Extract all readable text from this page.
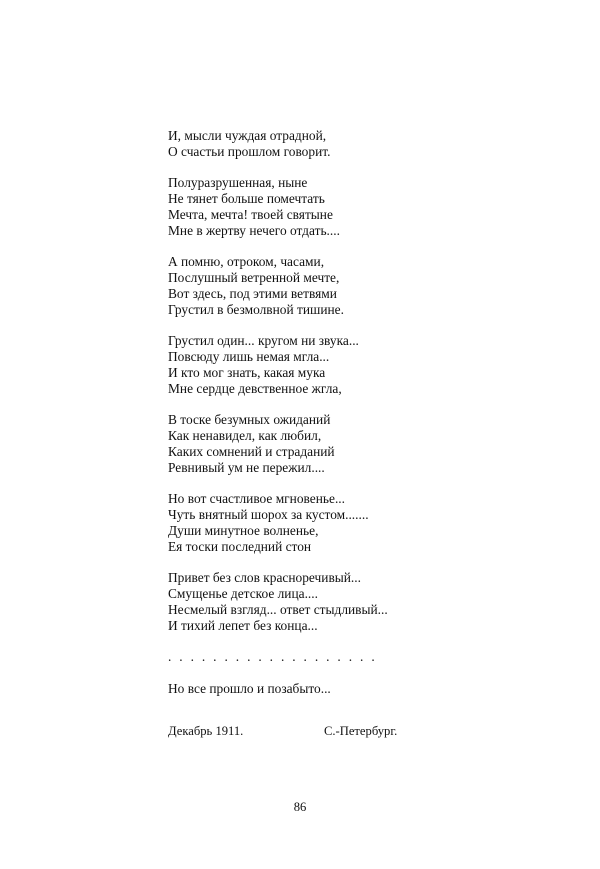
И, мысли чуждая отрадной,
О счастьи прошлом говорит.
Полуразрушенная, ныне
Не тянет больше помечтать
Мечта, мечта! твоей святыне
Мне в жертву нечего отдать....
А помню, отроком, часами,
Послушный ветренной мечте,
Вот здесь, под этими ветвями
Грустил в безмолвной тишине.
Грустил один... кругом ни звука...
Повсюду лишь немая мгла...
И кто мог знать, какая мука
Мне сердце девственное жгла,
В тоске безумных ожиданий
Как ненавидел, как любил,
Каких сомнений и страданий
Ревнивый ум не пережил....
Но вот счастливое мгновенье...
Чуть внятный шорох за кустом.......
Души минутное волненье,
Ея тоски последний стон
Привет без слов красноречивый...
Смущенье детское лица....
Несмелый взгляд... ответ стыдливый...
И тихий лепет без конца...
. . . . . . . . . . . . . . . . . . .
Но все прошло и позабыто...
Декабрь 1911.	С.-Петербург.
86
